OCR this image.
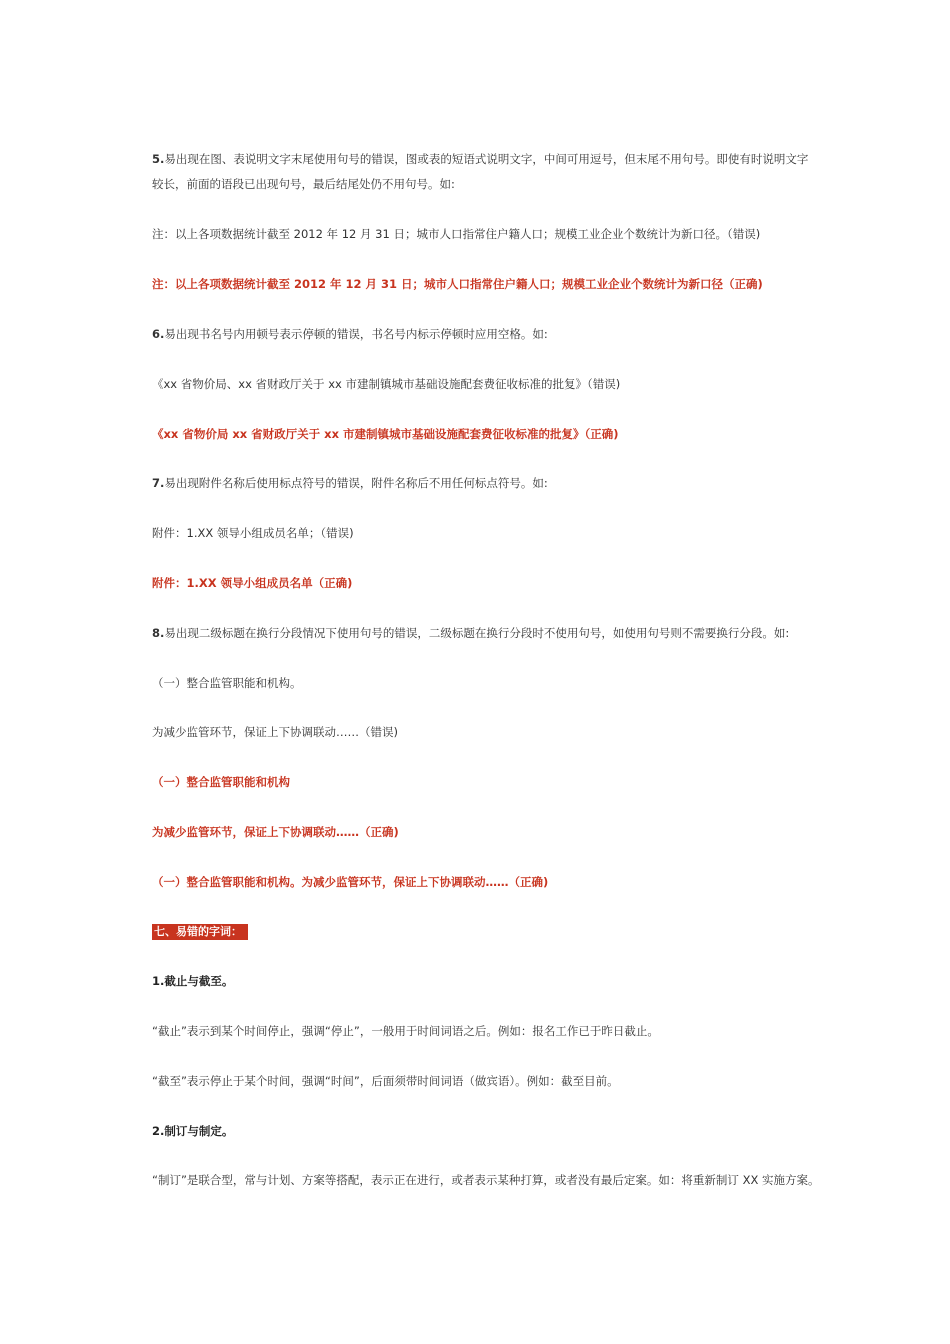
5.易出现在图、表说明文字末尾使用句号的错误，图或表的短语式说明文字，中间可用逗号，但末尾不用句号。即使有时说明文字较长，前面的语段已出现句号，最后结尾处仍不用句号。如:

注：以上各项数据统计截至 2012 年 12 月 31 日；城市人口指常住户籍人口；规模工业企业个数统计为新口径。（错误)

注：以上各项数据统计截至 2012 年 12 月 31 日；城市人口指常住户籍人口；规模工业企业个数统计为新口径（正确)

6.易出现书名号内用顿号表示停顿的错误，书名号内标示停顿时应用空格。如:

《xx 省物价局、xx 省财政厅关于 xx 市建制镇城市基础设施配套费征收标准的批复》（错误)

《xx 省物价局 xx 省财政厅关于 xx 市建制镇城市基础设施配套费征收标准的批复》（正确)

7.易出现附件名称后使用标点符号的错误，附件名称后不用任何标点符号。如:

附件：1.XX 领导小组成员名单；（错误)

附件：1.XX 领导小组成员名单（正确)

8.易出现二级标题在换行分段情况下使用句号的错误，二级标题在换行分段时不使用句号，如使用句号则不需要换行分段。如:

（一）整合监管职能和机构。

为减少监管环节，保证上下协调联动……（错误)

（一）整合监管职能和机构

为减少监管环节，保证上下协调联动……（正确)

（一）整合监管职能和机构。为减少监管环节，保证上下协调联动……（正确)

七、易错的字词：

1.截止与截至。

“截止”表示到某个时间停止，强调“停止”，一般用于时间词语之后。例如：报名工作已于昨日截止。

“截至”表示停止于某个时间，强调“时间”，后面须带时间词语（做宾语）。例如：截至目前。

2.制订与制定。

“制订”是联合型，常与计划、方案等搭配，表示正在进行，或者表示某种打算，或者没有最后定案。如：将重新制订 XX 实施方案。
